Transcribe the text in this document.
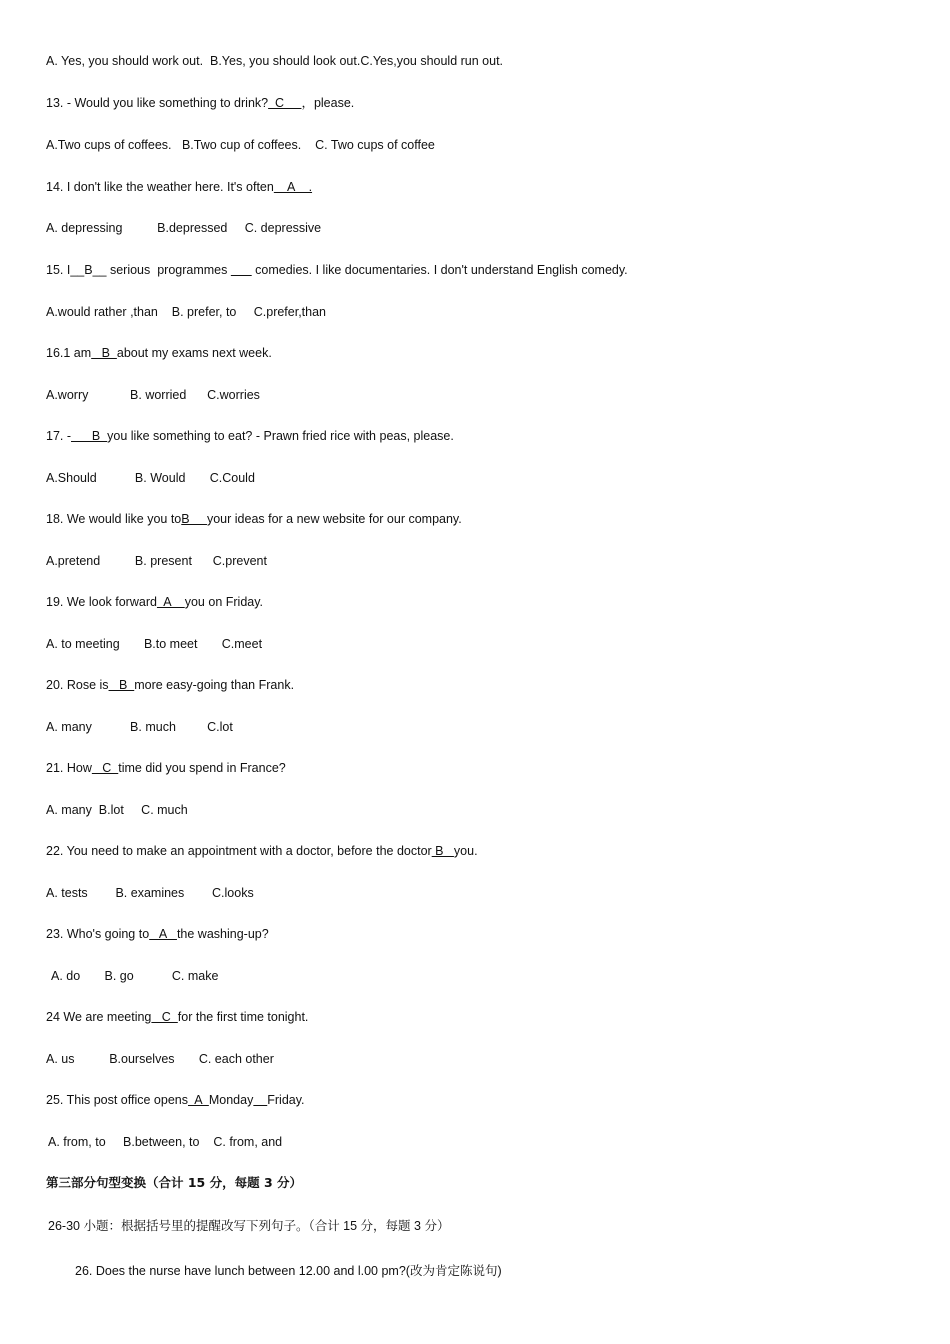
A. Yes, you should work out.  B.Yes, you should look out.C.Yes,you should run out.
13. - Would you like something to drink?  C     ，please.
A.Two cups of coffees.   B.Two cup of coffees.    C. Two cups of coffee
14. I don't like the weather here. It's often    A    .
A. depressing          B.depressed     C. depressive
15. I__B__ serious  programmes        comedies. I like documentaries. I don't understand English comedy.
A.would rather ,than    B. prefer, to     C.prefer,than
16.1 am   B  about my exams next week.
A.worry            B. worried      C.worries
17. -      B  you like something to eat? - Prawn fried rice with peas, please.
A.Should           B. Would       C.Could
18. We would like you toB     your ideas for a new website for our company.
A.pretend          B. present      C.prevent
19. We look forward  A    you on Friday.
A. to meeting       B.to meet       C.meet
20. Rose is   B  more easy-going than Frank.
A. many           B. much         C.lot
21. How   C  time did you spend in France?
A. many  B.lot     C. much
22. You need to make an appointment with a doctor, before the doctor B   you.
A. tests        B. examines        C.looks
23. Who's going to   A   the washing-up?
A. do       B. go           C. make
24 We are meeting   C  for the first time tonight.
A. us          B.ourselves       C. each other
25. This post office opens  A  Monday Friday.
A. from, to     B.between, to    C. from, and
第三部分句型变换（合计 15 分，每题 3 分）
26-30 小题：根据括号里的提醒改写下列句子。（合计 15 分，每题 3 分）
26. Does the nurse have lunch between 12.00 and l.00 pm?(改为肯定陈说句)
